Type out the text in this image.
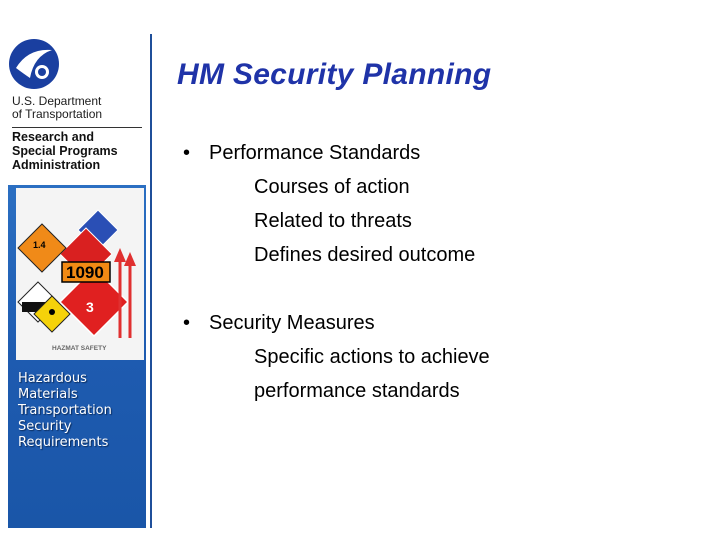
U.S. Department
of Transportation
Research and
Special Programs
Administration
1.4
3
1090
HAZMAT SAFETY
Hazardous
Materials
Transportation
Security
Requirements
HM Security Planning
• Performance Standards
Courses of action
Related to threats
Defines desired outcome
• Security Measures
Specific actions to achieve
performance standards
